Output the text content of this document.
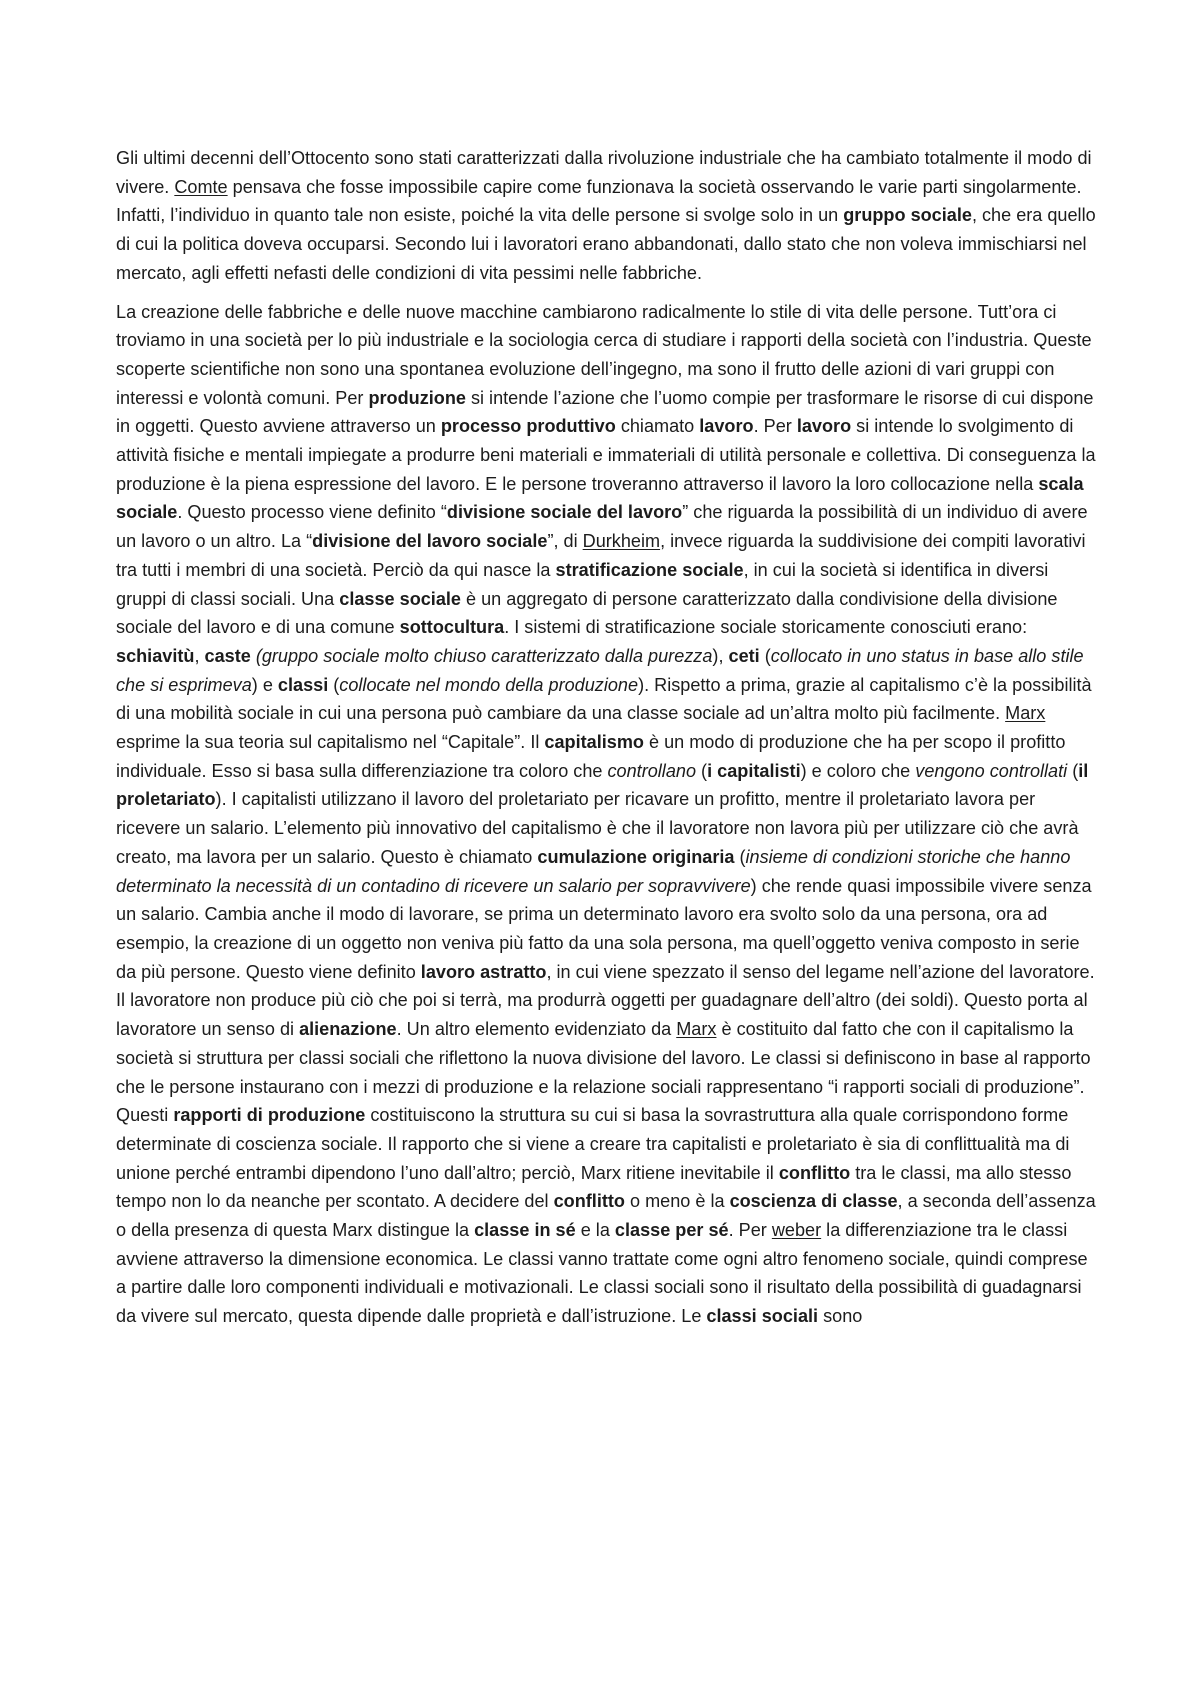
Gli ultimi decenni dell’Ottocento sono stati caratterizzati dalla rivoluzione industriale che ha cambiato totalmente il modo di vivere. Comte pensava che fosse impossibile capire come funzionava la società osservando le varie parti singolarmente. Infatti, l’individuo in quanto tale non esiste, poiché la vita delle persone si svolge solo in un gruppo sociale, che era quello di cui la politica doveva occuparsi. Secondo lui i lavoratori erano abbandonati, dallo stato che non voleva immischiarsi nel mercato, agli effetti nefasti delle condizioni di vita pessimi nelle fabbriche.

La creazione delle fabbriche e delle nuove macchine cambiarono radicalmente lo stile di vita delle persone. Tutt’ora ci troviamo in una società per lo più industriale e la sociologia cerca di studiare i rapporti della società con l’industria. Queste scoperte scientifiche non sono una spontanea evoluzione dell’ingegno, ma sono il frutto delle azioni di vari gruppi con interessi e volontà comuni. Per produzione si intende l’azione che l’uomo compie per trasformare le risorse di cui dispone in oggetti. Questo avviene attraverso un processo produttivo chiamato lavoro. Per lavoro si intende lo svolgimento di attività fisiche e mentali impiegate a produrre beni materiali e immateriali di utilità personale e collettiva. Di conseguenza la produzione è la piena espressione del lavoro. E le persone troveranno attraverso il lavoro la loro collocazione nella scala sociale. Questo processo viene definito “divisione sociale del lavoro” che riguarda la possibilità di un individuo di avere un lavoro o un altro. La “divisione del lavoro sociale”, di Durkheim, invece riguarda la suddivisione dei compiti lavorativi tra tutti i membri di una società. Perciò da qui nasce la stratificazione sociale, in cui la società si identifica in diversi gruppi di classi sociali. Una classe sociale è un aggregato di persone caratterizzato dalla condivisione della divisione sociale del lavoro e di una comune sottocultura. I sistemi di stratificazione sociale storicamente conosciuti erano: schiavitù, caste (gruppo sociale molto chiuso caratterizzato dalla purezza), ceti (collocato in uno status in base allo stile che si esprimeva) e classi (collocate nel mondo della produzione). Rispetto a prima, grazie al capitalismo c’è la possibilità di una mobilità sociale in cui una persona può cambiare da una classe sociale ad un’altra molto più facilmente. Marx esprime la sua teoria sul capitalismo nel “Capitale”. Il capitalismo è un modo di produzione che ha per scopo il profitto individuale. Esso si basa sulla differenziazione tra coloro che controllano (i capitalisti) e coloro che vengono controllati (il proletariato). I capitalisti utilizzano il lavoro del proletariato per ricavare un profitto, mentre il proletariato lavora per ricevere un salario. L’elemento più innovativo del capitalismo è che il lavoratore non lavora più per utilizzare ciò che avrà creato, ma lavora per un salario. Questo è chiamato cumulazione originaria (insieme di condizioni storiche che hanno determinato la necessità di un contadino di ricevere un salario per sopravvivere) che rende quasi impossibile vivere senza un salario. Cambia anche il modo di lavorare, se prima un determinato lavoro era svolto solo da una persona, ora ad esempio, la creazione di un oggetto non veniva più fatto da una sola persona, ma quell’oggetto veniva composto in serie da più persone. Questo viene definito lavoro astratto, in cui viene spezzato il senso del legame nell’azione del lavoratore. Il lavoratore non produce più ciò che poi si terrà, ma produrrà oggetti per guadagnare dell’altro (dei soldi). Questo porta al lavoratore un senso di alienazione. Un altro elemento evidenziato da Marx è costituito dal fatto che con il capitalismo la società si struttura per classi sociali che riflettono la nuova divisione del lavoro. Le classi si definiscono in base al rapporto che le persone instaurano con i mezzi di produzione e la relazione sociali rappresentano “i rapporti sociali di produzione”. Questi rapporti di produzione costituiscono la struttura su cui si basa la sovrastruttura alla quale corrispondono forme determinate di coscienza sociale. Il rapporto che si viene a creare tra capitalisti e proletariato è sia di conflittualità ma di unione perché entrambi dipendono l’uno dall’altro; perciò, Marx ritiene inevitabile il conflitto tra le classi, ma allo stesso tempo non lo da neanche per scontato. A decidere del conflitto o meno è la coscienza di classe, a seconda dell’assenza o della presenza di questa Marx distingue la classe in sé e la classe per sé. Per weber la differenziazione tra le classi avviene attraverso la dimensione economica. Le classi vanno trattate come ogni altro fenomeno sociale, quindi comprese a partire dalle loro componenti individuali e motivazionali. Le classi sociali sono il risultato della possibilità di guadagnarsi da vivere sul mercato, questa dipende dalle proprietà e dall’istruzione. Le classi sociali sono
